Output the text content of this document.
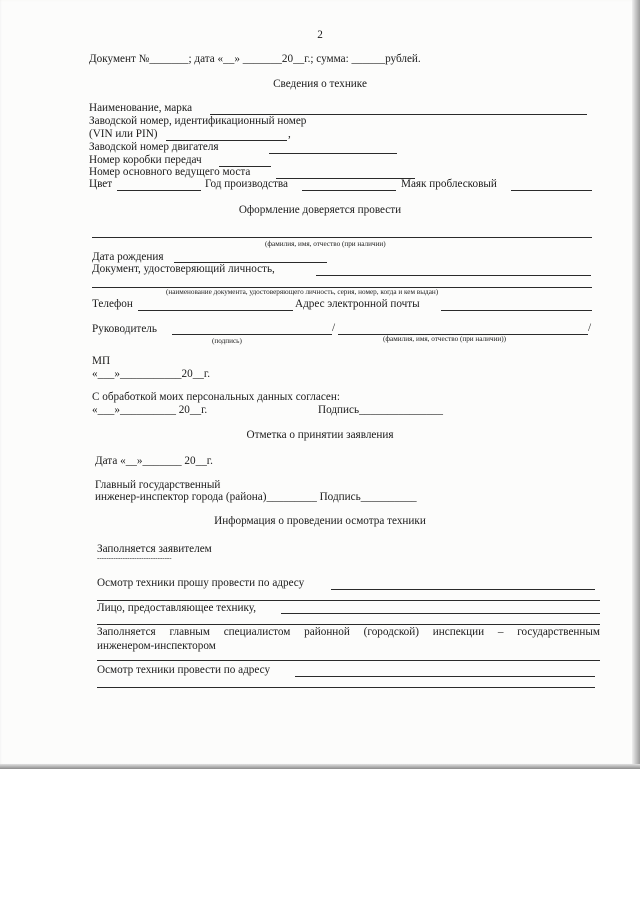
2
Документ №_______; дата «__» _______20__г.; сумма: ______рублей.
Сведения о технике
Наименование, марка
Заводской номер, идентификационный номер
(VIN или PIN)	,
Заводской номер двигателя
Номер коробки передач
Номер основного ведущего моста
Цвет	Год производства	Маяк проблесковый
Оформление доверяется провести
(фамилия, имя, отчество (при наличии)
Дата рождения
Документ, удостоверяющий личность,
(наименование документа, удостоверяющего личность, серия, номер, когда и кем выдан)
Телефон	Адрес электронной почты
Руководитель	/	/
(подпись)	(фамилия, имя, отчество (при наличии))
МП
«___»___________20__г.
С обработкой моих персональных данных согласен:
«___»__________ 20__г.	Подпись_______________
Отметка о принятии заявления
Дата «__»_______ 20__г.
Главный государственный
инженер-инспектор города (района)_________ Подпись__________
Информация о проведении осмотра техники
Заполняется заявителем
--------------------------------
Осмотр техники прошу провести по адресу
Лицо, предоставляющее технику,
Заполняется главным специалистом районной (городской) инспекции – государственным
инженером-инспектором
Осмотр техники провести по адресу
